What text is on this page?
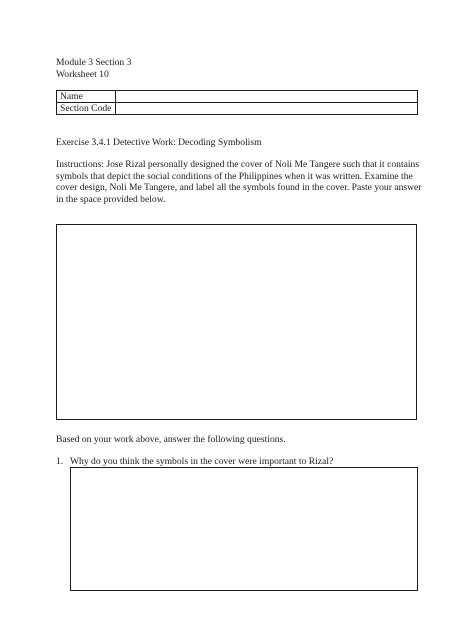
Module 3 Section 3
Worksheet 10
Name	
Section Code	
Exercise 3.4.1 Detective Work: Decoding Symbolism
Instructions: Jose Rizal personally designed the cover of Noli Me Tangere such that it contains
symbols that depict the social conditions of the Philippines when it was written. Examine the
cover design, Noli Me Tangere, and label all the symbols found in the cover. Paste your answer
in the space provided below.
Based on your work above, answer the following questions.
1. Why do you think the symbols in the cover were important to Rizal?
